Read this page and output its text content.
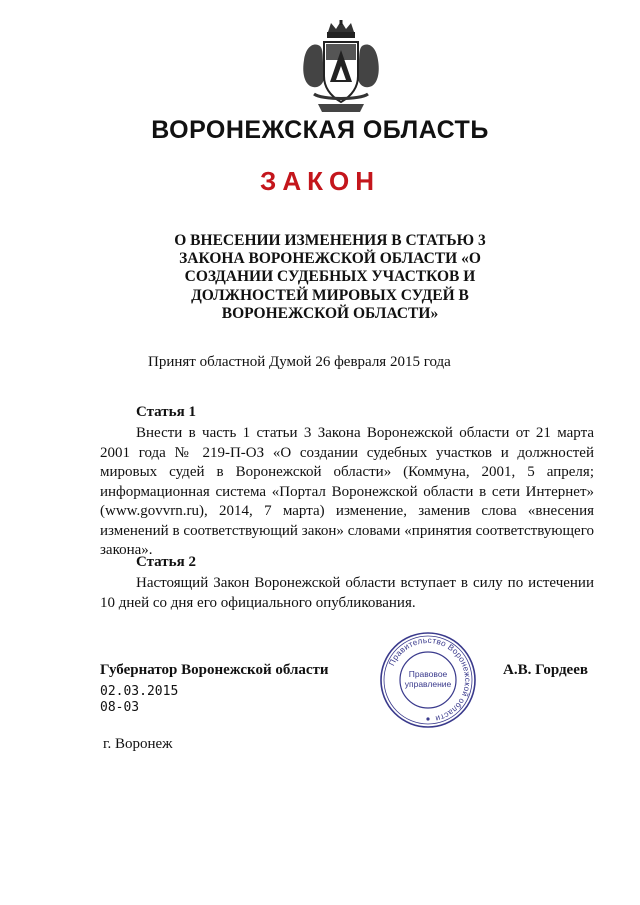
ВОРОНЕЖСКАЯ ОБЛАСТЬ
ЗАКОН
О ВНЕСЕНИИ ИЗМЕНЕНИЯ В СТАТЬЮ 3 ЗАКОНА ВОРОНЕЖСКОЙ ОБЛАСТИ «О СОЗДАНИИ СУДЕБНЫХ УЧАСТКОВ И ДОЛЖНОСТЕЙ МИРОВЫХ СУДЕЙ В ВОРОНЕЖСКОЙ ОБЛАСТИ»
Принят областной Думой 26 февраля 2015 года
Статья 1
Внести в часть 1 статьи 3 Закона Воронежской области от 21 марта 2001 года № 219-П-ОЗ «О создании судебных участков и должностей мировых судей в Воронежской области» (Коммуна, 2001, 5 апреля; информационная система «Портал Воронежской области в сети Интернет» (www.govvrn.ru), 2014, 7 марта) изменение, заменив слова «внесения изменений в соответствующий закон» словами «принятия соответствующего закона».
Статья 2
Настоящий Закон Воронежской области вступает в силу по истечении 10 дней со дня его официального опубликования.
Губернатор Воронежской области	А.В. Гордеев
02.03.2015
08-03
г. Воронеж
Правительство Воронежской области
Правовое
управление
